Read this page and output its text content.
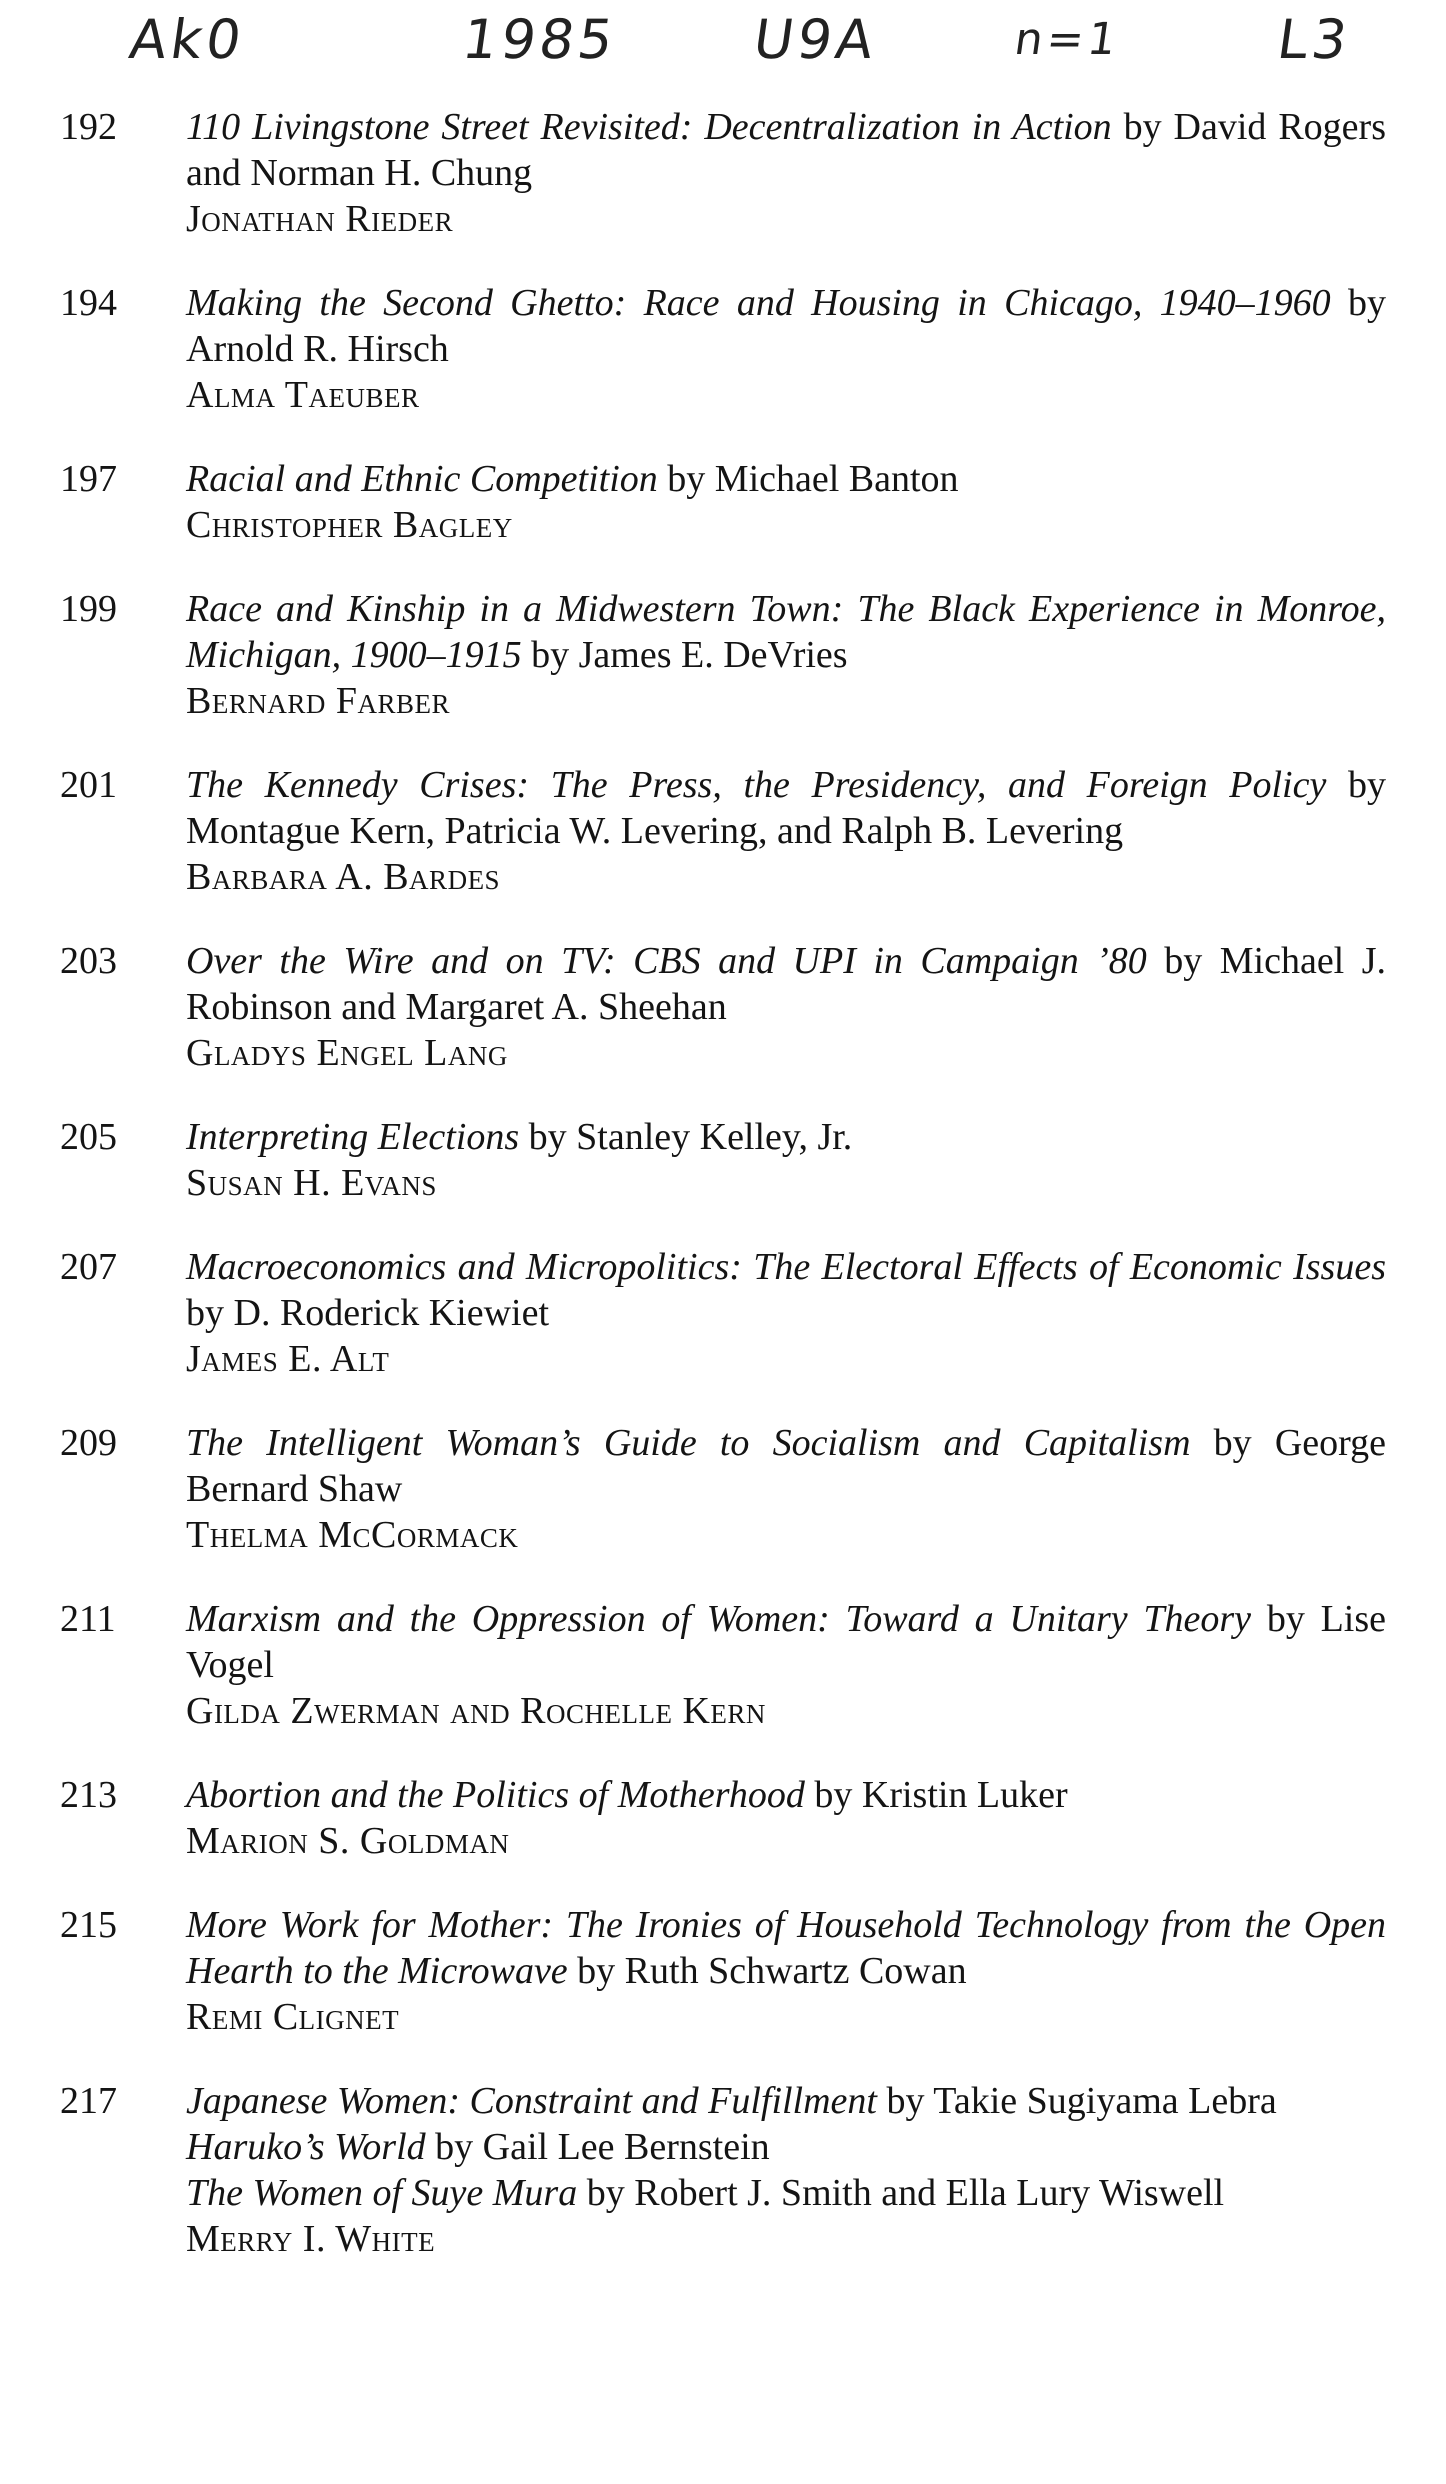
Ak0	1985 U9A	n=1	L3
192	110 Livingstone Street Revisited: Decentralization in Action by David Rogers and Norman H. Chung
Jonathan Rieder
194	Making the Second Ghetto: Race and Housing in Chicago, 1940–1960 by Arnold R. Hirsch
Alma Taeuber
197	Racial and Ethnic Competition by Michael Banton
Christopher Bagley
199	Race and Kinship in a Midwestern Town: The Black Experience in Monroe, Michigan, 1900–1915 by James E. DeVries
Bernard Farber
201	The Kennedy Crises: The Press, the Presidency, and Foreign Policy by Montague Kern, Patricia W. Levering, and Ralph B. Levering
Barbara A. Bardes
203	Over the Wire and on TV: CBS and UPI in Campaign ’80 by Michael J. Robinson and Margaret A. Sheehan
Gladys Engel Lang
205	Interpreting Elections by Stanley Kelley, Jr.
Susan H. Evans
207	Macroeconomics and Micropolitics: The Electoral Effects of Economic Issues by D. Roderick Kiewiet
James E. Alt
209	The Intelligent Woman’s Guide to Socialism and Capitalism by George Bernard Shaw
Thelma McCormack
211	Marxism and the Oppression of Women: Toward a Unitary Theory by Lise Vogel
Gilda Zwerman and Rochelle Kern
213	Abortion and the Politics of Motherhood by Kristin Luker
Marion S. Goldman
215	More Work for Mother: The Ironies of Household Technology from the Open Hearth to the Microwave by Ruth Schwartz Cowan
Remi Clignet
217	Japanese Women: Constraint and Fulfillment by Takie Sugiyama Lebra
Haruko’s World by Gail Lee Bernstein
The Women of Suye Mura by Robert J. Smith and Ella Lury Wiswell
Merry I. White
